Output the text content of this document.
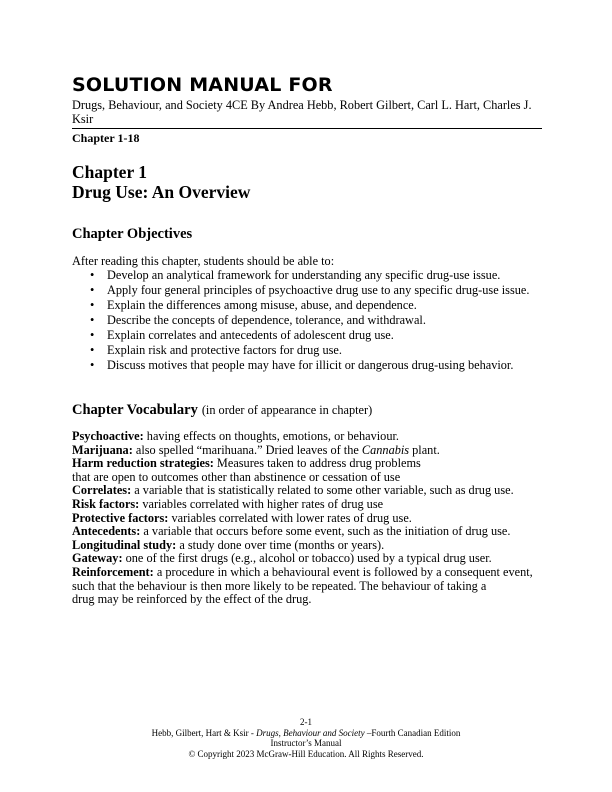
SOLUTION MANUAL FOR
Drugs, Behaviour, and Society 4CE By Andrea Hebb, Robert Gilbert, Carl L. Hart, Charles J.
Ksir
Chapter 1-18
Chapter 1
Drug Use: An Overview
Chapter Objectives
After reading this chapter, students should be able to:
• Develop an analytical framework for understanding any specific drug-use issue.
• Apply four general principles of psychoactive drug use to any specific drug-use issue.
• Explain the differences among misuse, abuse, and dependence.
• Describe the concepts of dependence, tolerance, and withdrawal.
• Explain correlates and antecedents of adolescent drug use.
• Explain risk and protective factors for drug use.
• Discuss motives that people may have for illicit or dangerous drug-using behavior.
Chapter Vocabulary (in order of appearance in chapter)
Psychoactive: having effects on thoughts, emotions, or behaviour.
Marijuana: also spelled “marihuana.” Dried leaves of the Cannabis plant.
Harm reduction strategies: Measures taken to address drug problems
that are open to outcomes other than abstinence or cessation of use
Correlates: a variable that is statistically related to some other variable, such as drug use.
Risk factors: variables correlated with higher rates of drug use
Protective factors: variables correlated with lower rates of drug use.
Antecedents: a variable that occurs before some event, such as the initiation of drug use.
Longitudinal study: a study done over time (months or years).
Gateway: one of the first drugs (e.g., alcohol or tobacco) used by a typical drug user.
Reinforcement: a procedure in which a behavioural event is followed by a consequent event,
such that the behaviour is then more likely to be repeated. The behaviour of taking a
drug may be reinforced by the effect of the drug.
2-1
Hebb, Gilbert, Hart & Ksir - Drugs, Behaviour and Society –Fourth Canadian Edition
Instructor’s Manual
© Copyright 2023 McGraw-Hill Education. All Rights Reserved.
